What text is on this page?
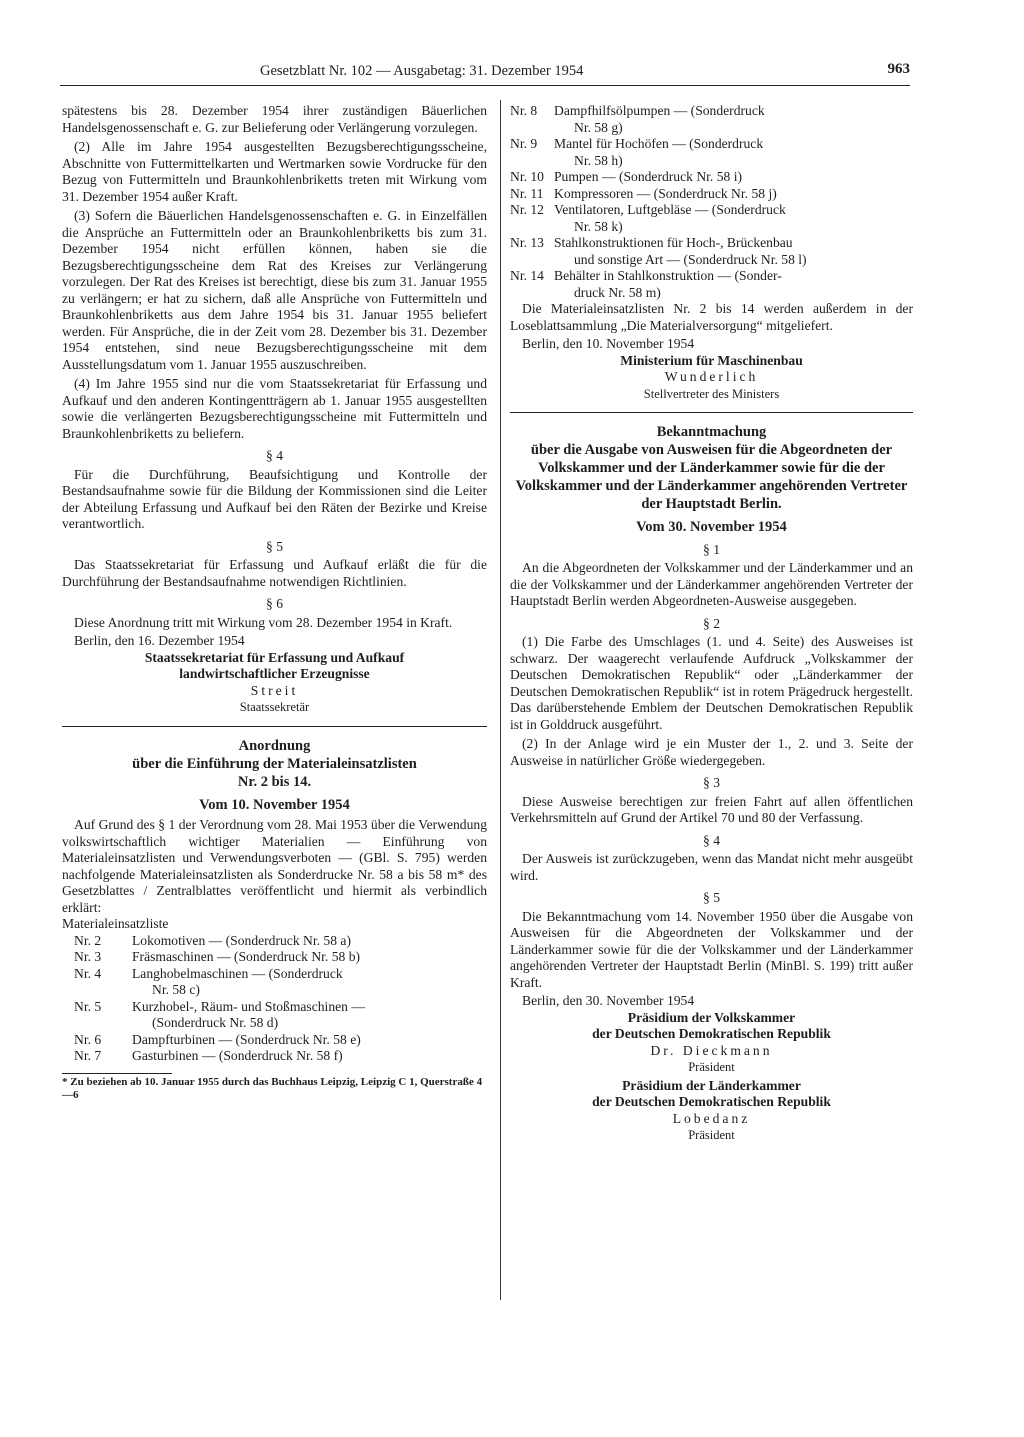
Gesetzblatt Nr. 102 — Ausgabetag: 31. Dezember 1954	963

spätestens bis 28. Dezember 1954 ihrer zuständigen Bäuerlichen Handelsgenossenschaft e. G. zur Belieferung oder Verlängerung vorzulegen.

(2) Alle im Jahre 1954 ausgestellten Bezugsberechtigungsscheine, Abschnitte von Futtermittelkarten und Wertmarken sowie Vordrucke für den Bezug von Futtermitteln und Braunkohlenbriketts treten mit Wirkung vom 31. Dezember 1954 außer Kraft.

(3) Sofern die Bäuerlichen Handelsgenossenschaften e. G. in Einzelfällen die Ansprüche an Futtermitteln oder an Braunkohlenbriketts bis zum 31. Dezember 1954 nicht erfüllen können, haben sie die Bezugsberechtigungsscheine dem Rat des Kreises zur Verlängerung vorzulegen. Der Rat des Kreises ist berechtigt, diese bis zum 31. Januar 1955 zu verlängern; er hat zu sichern, daß alle Ansprüche von Futtermitteln und Braunkohlenbriketts aus dem Jahre 1954 bis 31. Januar 1955 beliefert werden. Für Ansprüche, die in der Zeit vom 28. Dezember bis 31. Dezember 1954 entstehen, sind neue Bezugsberechtigungsscheine mit dem Ausstellungsdatum vom 1. Januar 1955 auszuschreiben.

(4) Im Jahre 1955 sind nur die vom Staatssekretariat für Erfassung und Aufkauf und den anderen Kontingentträgern ab 1. Januar 1955 ausgestellten sowie die verlängerten Bezugsberechtigungsscheine mit Futtermitteln und Braunkohlenbriketts zu beliefern.

§ 4

Für die Durchführung, Beaufsichtigung und Kontrolle der Bestandsaufnahme sowie für die Bildung der Kommissionen sind die Leiter der Abteilung Erfassung und Aufkauf bei den Räten der Bezirke und Kreise verantwortlich.

§ 5

Das Staatssekretariat für Erfassung und Aufkauf erläßt die für die Durchführung der Bestandsaufnahme notwendigen Richtlinien.

§ 6

Diese Anordnung tritt mit Wirkung vom 28. Dezember 1954 in Kraft.

Berlin, den 16. Dezember 1954
Staatssekretariat für Erfassung und Aufkauf
landwirtschaftlicher Erzeugnisse
Streit
Staatssekretär
Anordnung
über die Einführung der Materialeinsatzlisten
Nr. 2 bis 14.
Vom 10. November 1954

Auf Grund des § 1 der Verordnung vom 28. Mai 1953 über die Verwendung volkswirtschaftlich wichtiger Materialien — Einführung von Materialeinsatzlisten und Verwendungsverboten — (GBl. S. 795) werden nachfolgende Materialeinsatzlisten als Sonderdrucke Nr. 58 a bis 58 m* des Gesetzblattes / Zentralblattes veröffentlicht und hiermit als verbindlich erklärt:

Materialeinsatzliste
Nr. 2	Lokomotiven — (Sonderdruck Nr. 58 a)
Nr. 3	Fräsmaschinen — (Sonderdruck Nr. 58 b)
Nr. 4	Langhobelmaschinen — (Sonderdruck
Nr. 58 c)
Nr. 5	Kurzhobel-, Räum- und Stoßmaschinen —
(Sonderdruck Nr. 58 d)
Nr. 6	Dampfturbinen — (Sonderdruck Nr. 58 e)
Nr. 7	Gasturbinen — (Sonderdruck Nr. 58 f)
* Zu beziehen ab 10. Januar 1955 durch das Buchhaus Leipzig, Leipzig C 1, Querstraße 4—6
Nr. 8	Dampfhilfsölpumpen — (Sonderdruck
Nr. 58 g)
Nr. 9	Mantel für Hochöfen — (Sonderdruck
Nr. 58 h)
Nr. 10 Pumpen — (Sonderdruck Nr. 58 i)
Nr. 11 Kompressoren — (Sonderdruck Nr. 58 j)
Nr. 12 Ventilatoren, Luftgebläse — (Sonderdruck
Nr. 58 k)
Nr. 13 Stahlkonstruktionen für Hoch-, Brückenbau
und sonstige Art — (Sonderdruck Nr. 58 l)
Nr. 14 Behälter in Stahlkonstruktion — (Sonder-
druck Nr. 58 m)

Die Materialeinsatzlisten Nr. 2 bis 14 werden außerdem in der Loseblattsammlung „Die Materialversorgung“ mitgeliefert.

Berlin, den 10. November 1954
Ministerium für Maschinenbau
Wunderlich
Stellvertreter des Ministers
Bekanntmachung
über die Ausgabe von Ausweisen für die Abgeordneten der Volkskammer und der Länderkammer sowie für die der Volkskammer und der Länderkammer angehörenden Vertreter der Hauptstadt Berlin.
Vom 30. November 1954
§ 1

An die Abgeordneten der Volkskammer und der Länderkammer und an die der Volkskammer und der Länderkammer angehörenden Vertreter der Hauptstadt Berlin werden Abgeordneten-Ausweise ausgegeben.

§ 2

(1) Die Farbe des Umschlages (1. und 4. Seite) des Ausweises ist schwarz. Der waagerecht verlaufende Aufdruck „Volkskammer der Deutschen Demokratischen Republik“ oder „Länderkammer der Deutschen Demokratischen Republik“ ist in rotem Prägedruck hergestellt. Das darüberstehende Emblem der Deutschen Demokratischen Republik ist in Golddruck ausgeführt.

(2) In der Anlage wird je ein Muster der 1., 2. und 3. Seite der Ausweise in natürlicher Größe wiedergegeben.

§ 3

Diese Ausweise berechtigen zur freien Fahrt auf allen öffentlichen Verkehrsmitteln auf Grund der Artikel 70 und 80 der Verfassung.

§ 4

Der Ausweis ist zurückzugeben, wenn das Mandat nicht mehr ausgeübt wird.

§ 5

Die Bekanntmachung vom 14. November 1950 über die Ausgabe von Ausweisen für die Abgeordneten der Volkskammer und der Länderkammer sowie für die der Volkskammer und der Länderkammer angehörenden Vertreter der Hauptstadt Berlin (MinBl. S. 199) tritt außer Kraft.

Berlin, den 30. November 1954
Präsidium der Volkskammer
der Deutschen Demokratischen Republik
Dr. Dieckmann
Präsident
Präsidium der Länderkammer
der Deutschen Demokratischen Republik
Lobedanz
Präsident
